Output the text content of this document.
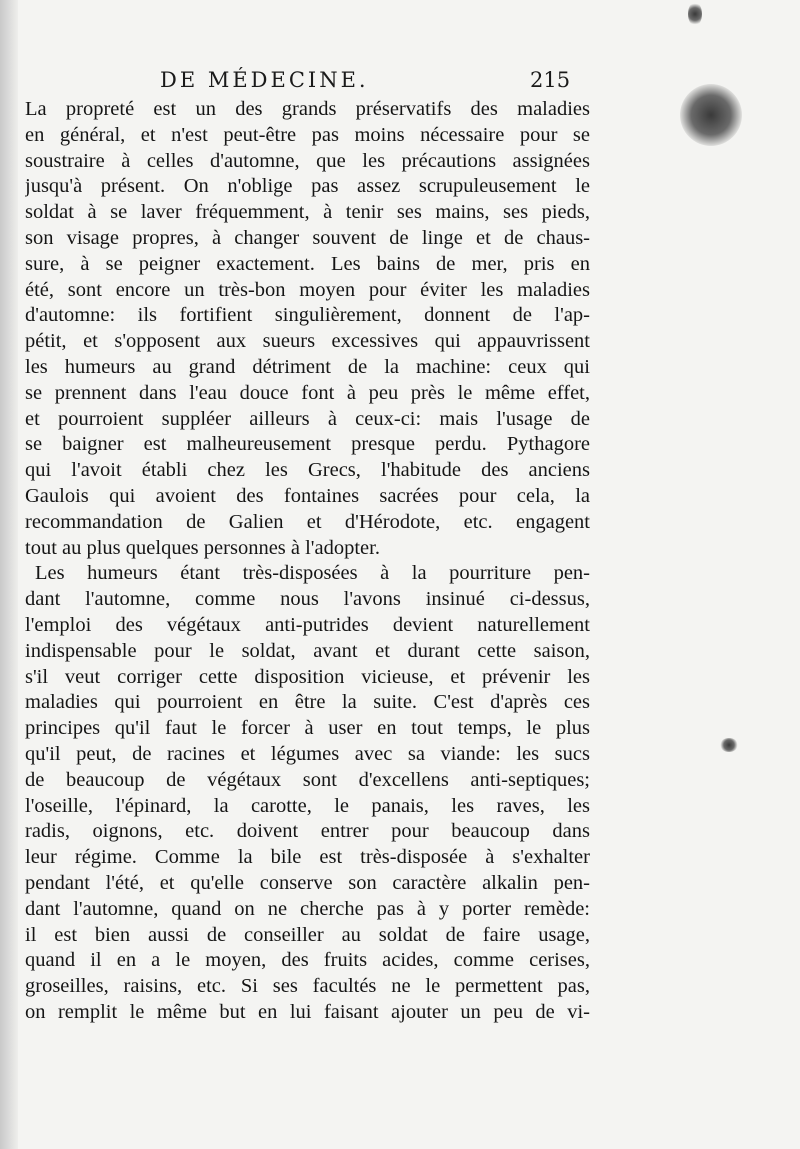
DE MÉDECINE.	215
La propreté est un des grands préservatifs des maladies
en général, et n'est peut-être pas moins nécessaire pour se
soustraire à celles d'automne, que les précautions assignées
jusqu'à présent. On n'oblige pas assez scrupuleusement le
soldat à se laver fréquemment, à tenir ses mains, ses pieds,
son visage propres, à changer souvent de linge et de chaus-
sure, à se peigner exactement. Les bains de mer, pris en
été, sont encore un très-bon moyen pour éviter les maladies
d'automne: ils fortifient singulièrement, donnent de l'ap-
pétit, et s'opposent aux sueurs excessives qui appauvrissent
les humeurs au grand détriment de la machine: ceux qui
se prennent dans l'eau douce font à peu près le même effet,
et pourroient suppléer ailleurs à ceux-ci: mais l'usage de
se baigner est malheureusement presque perdu. Pythagore
qui l'avoit établi chez les Grecs, l'habitude des anciens
Gaulois qui avoient des fontaines sacrées pour cela, la
recommandation de Galien et d'Hérodote, etc. engagent
tout au plus quelques personnes à l'adopter.
Les humeurs étant très-disposées à la pourriture pen-
dant l'automne, comme nous l'avons insinué ci-dessus,
l'emploi des végétaux anti-putrides devient naturellement
indispensable pour le soldat, avant et durant cette saison,
s'il veut corriger cette disposition vicieuse, et prévenir les
maladies qui pourroient en être la suite. C'est d'après ces
principes qu'il faut le forcer à user en tout temps, le plus
qu'il peut, de racines et légumes avec sa viande: les sucs
de beaucoup de végétaux sont d'excellens anti-septiques;
l'oseille, l'épinard, la carotte, le panais, les raves, les
radis, oignons, etc. doivent entrer pour beaucoup dans
leur régime. Comme la bile est très-disposée à s'exhalter
pendant l'été, et qu'elle conserve son caractère alkalin pen-
dant l'automne, quand on ne cherche pas à y porter remède:
il est bien aussi de conseiller au soldat de faire usage,
quand il en a le moyen, des fruits acides, comme cerises,
groseilles, raisins, etc. Si ses facultés ne le permettent pas,
on remplit le même but en lui faisant ajouter un peu de vi-
